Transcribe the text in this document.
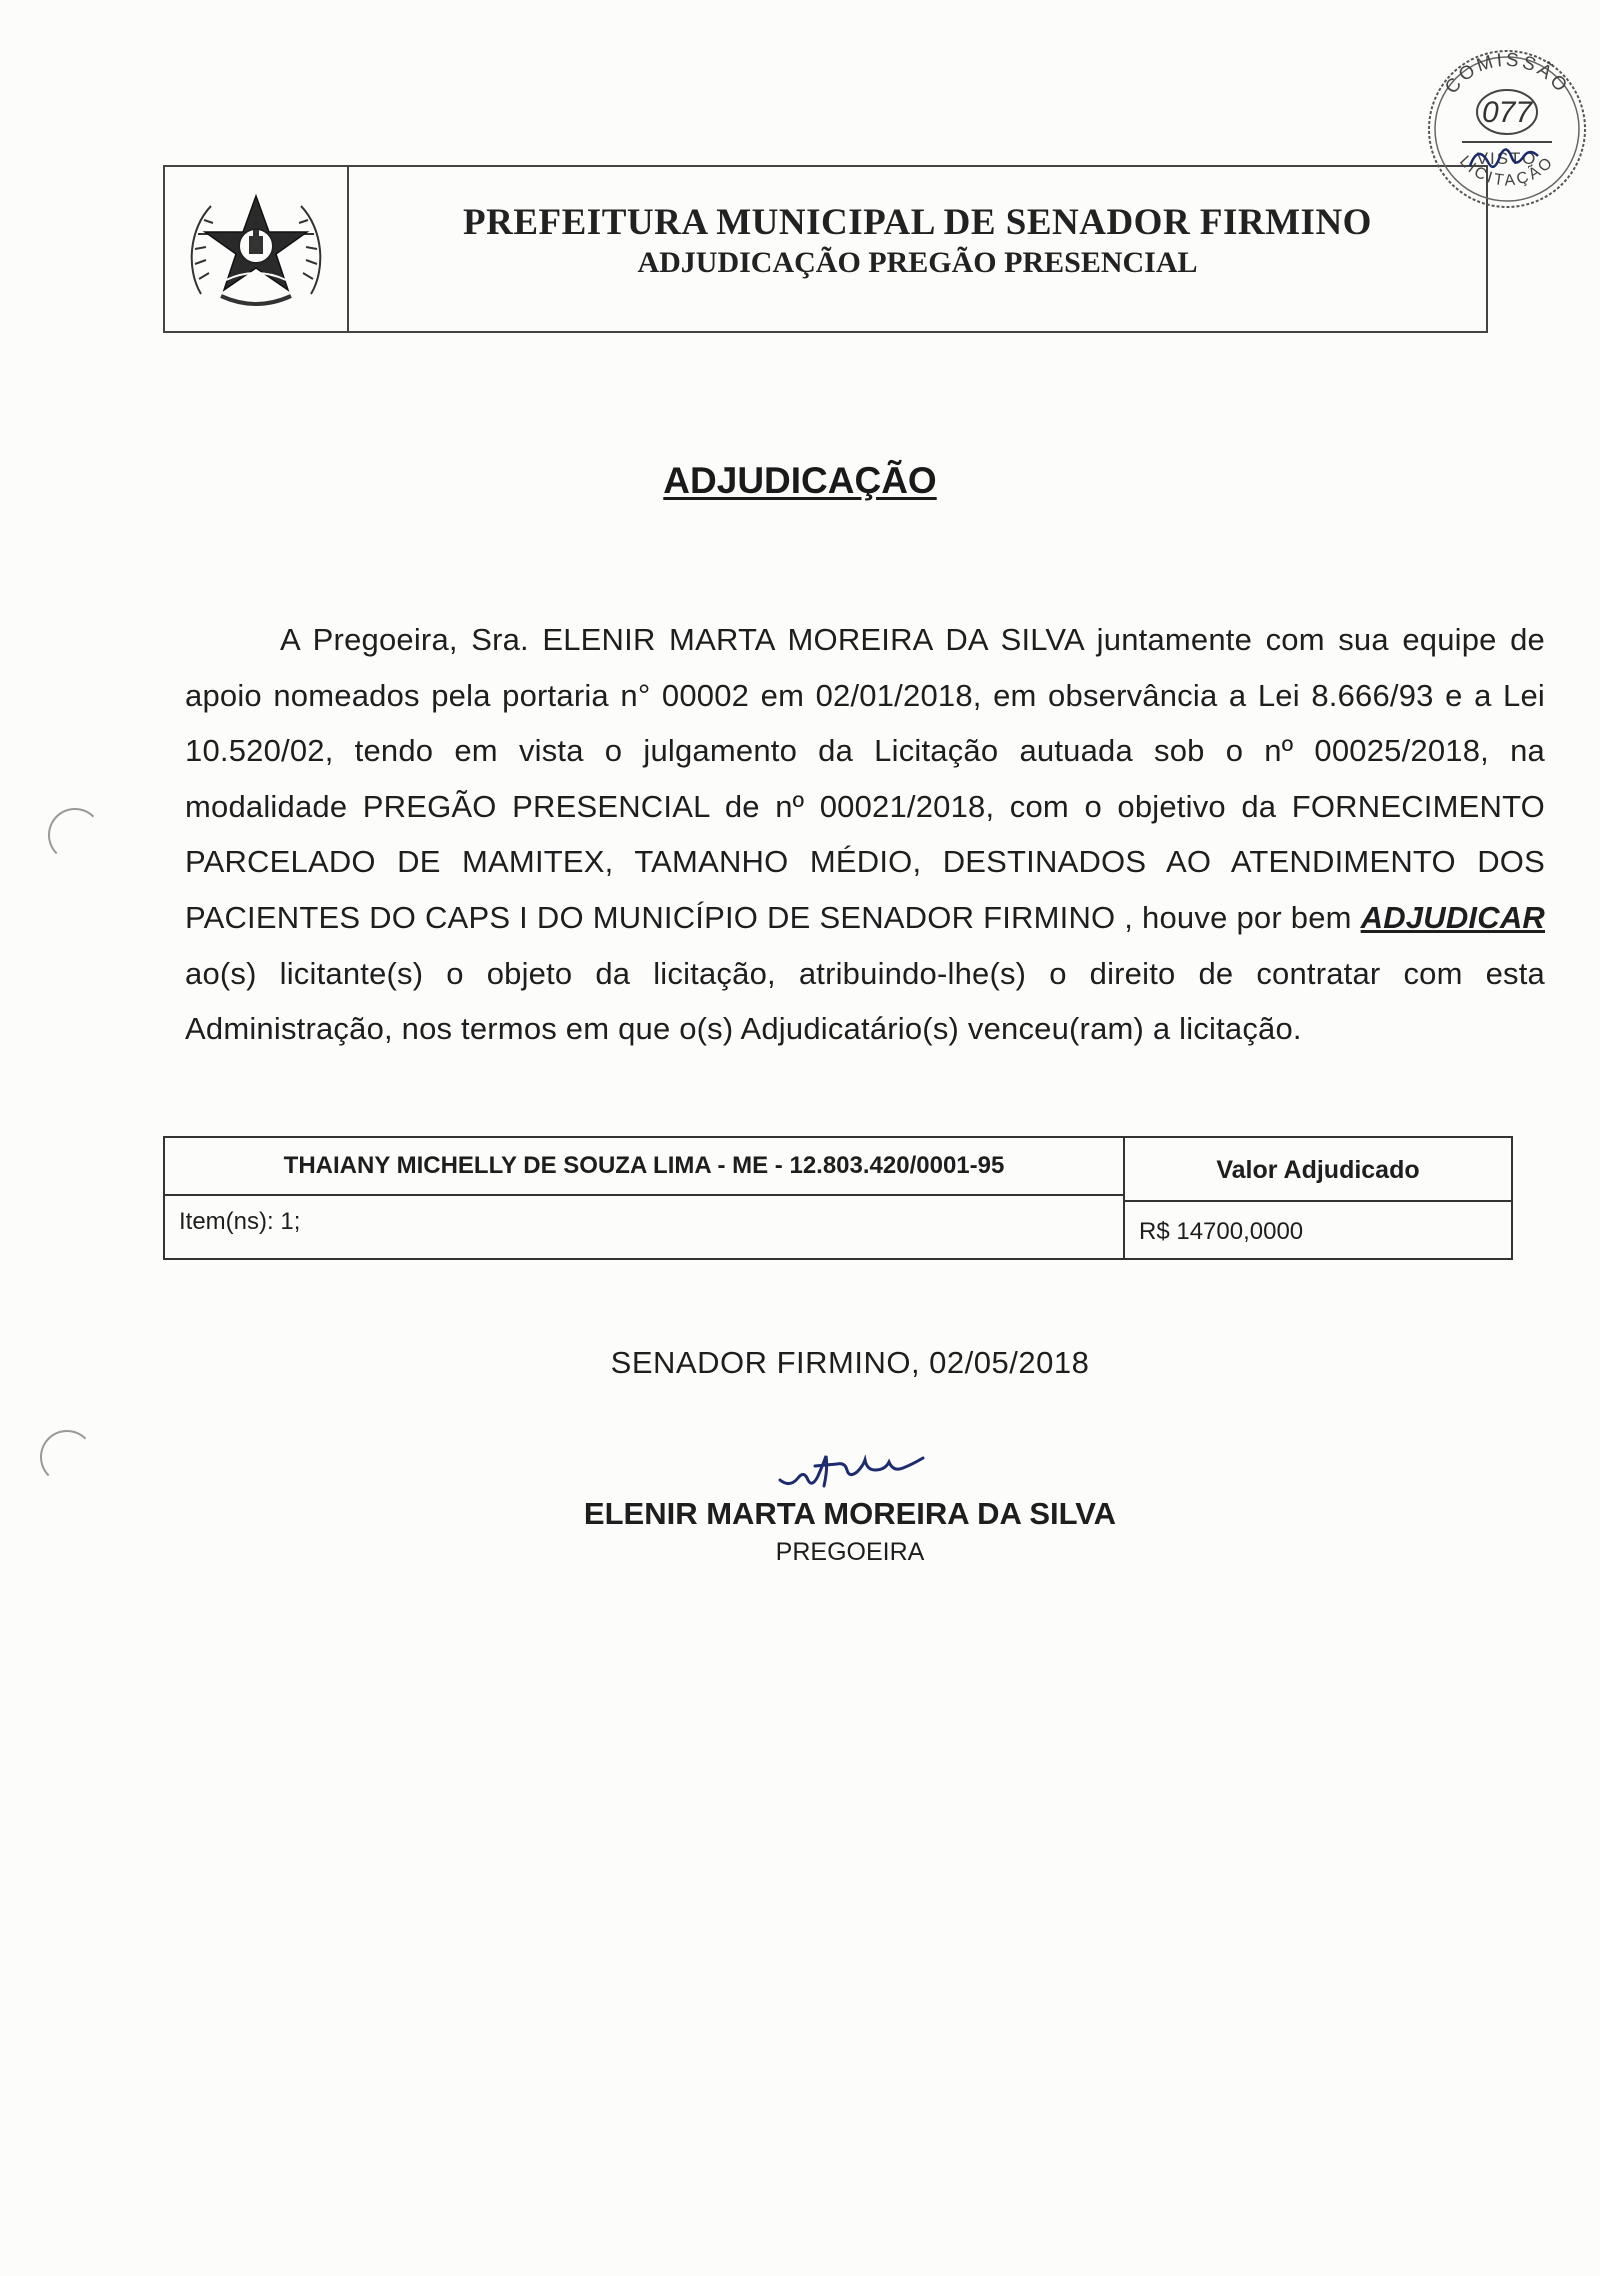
PREFEITURA MUNICIPAL DE SENADOR FIRMINO
ADJUDICAÇÃO PREGÃO PRESENCIAL
COMISSÃO
LICITAÇÃO
077
VISTO
ADJUDICAÇÃO
A Pregoeira, Sra. ELENIR MARTA MOREIRA DA SILVA juntamente com sua equipe de apoio nomeados pela portaria n° 00002 em 02/01/2018, em observância a Lei 8.666/93 e a Lei 10.520/02, tendo em vista o julgamento da Licitação autuada sob o nº 00025/2018, na modalidade PREGÃO PRESENCIAL de nº 00021/2018, com o objetivo da FORNECIMENTO PARCELADO DE MAMITEX, TAMANHO MÉDIO, DESTINADOS AO ATENDIMENTO DOS PACIENTES DO CAPS I DO MUNICÍPIO DE SENADOR FIRMINO , houve por bem ADJUDICAR ao(s) licitante(s) o objeto da licitação, atribuindo-lhe(s) o direito de contratar com esta Administração, nos termos em que o(s) Adjudicatário(s) venceu(ram) a licitação.
THAIANY MICHELLY DE SOUZA LIMA - ME - 12.803.420/0001-95	Valor Adjudicado
Item(ns): 1;	R$ 14700,0000
SENADOR FIRMINO, 02/05/2018
ELENIR MARTA MOREIRA DA SILVA
PREGOEIRA
